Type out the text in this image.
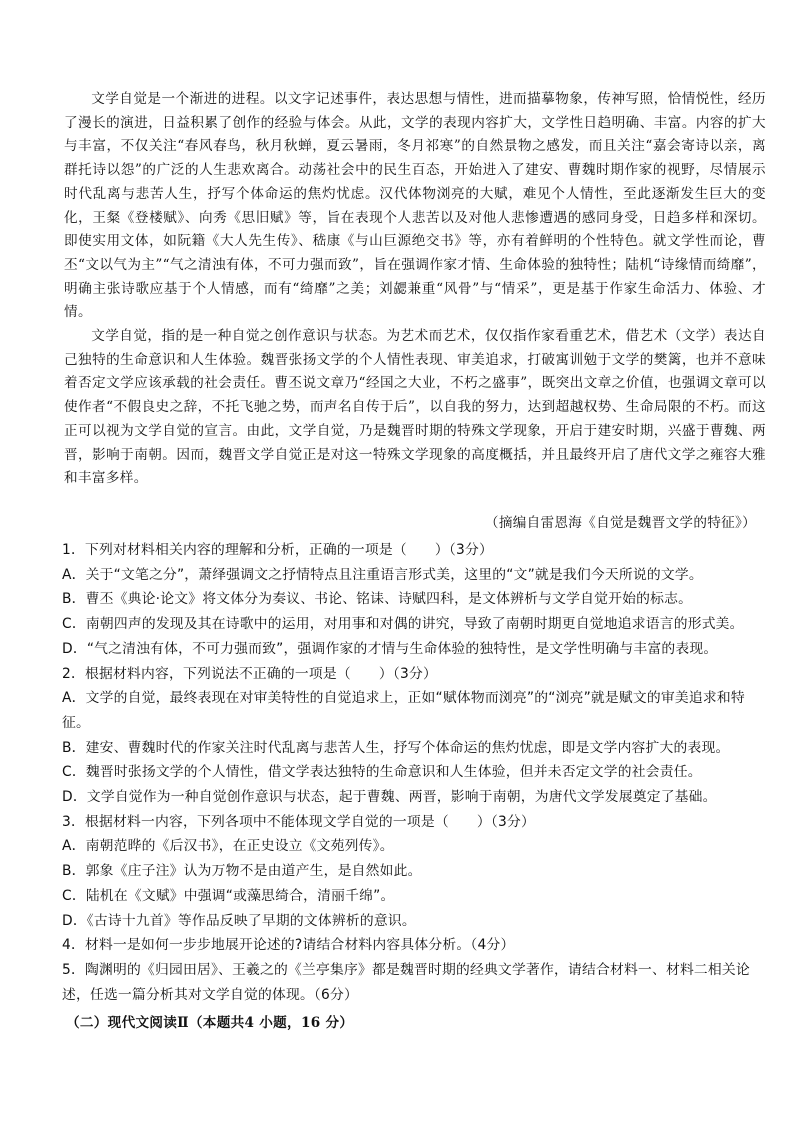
文学自觉是一个渐进的进程。以文字记述事件，表达思想与情性，进而描摹物象，传神写照，恰情悦性，经历了漫长的演进，日益积累了创作的经验与体会。从此，文学的表现内容扩大，文学性日趋明确、丰富。内容的扩大与丰富，不仅关注“春风春鸟，秋月秋蝉，夏云暑雨，冬月祁寒”的自然景物之感发，而且关注“嘉会寄诗以亲，离群托诗以怨”的广泛的人生悲欢离合。动荡社会中的民生百态，开始进入了建安、曹魏时期作家的视野，尽情展示时代乱离与悲苦人生，抒写个体命运的焦灼忧虑。汉代体物浏亮的大赋，难见个人情性，至此逐渐发生巨大的变化，王粲《登楼赋》、向秀《思旧赋》等，旨在表现个人悲苦以及对他人悲惨遭遇的感同身受，日趋多样和深切。即使实用文体，如阮籍《大人先生传》、嵇康《与山巨源绝交书》等，亦有着鲜明的个性特色。就文学性而论，曹丕“文以气为主”“气之清浊有体，不可力强而致”，旨在强调作家才情、生命体验的独特性；陆机“诗缘情而绮靡”，明确主张诗歌应基于个人情感，而有“绮靡”之美；刘勰兼重“风骨”与“情采”，更是基于作家生命活力、体验、才情。

文学自觉，指的是一种自觉之创作意识与状态。为艺术而艺术，仅仅指作家看重艺术，借艺术（文学）表达自己独特的生命意识和人生体验。魏晋张扬文学的个人情性表现、审美追求，打破寓训勉于文学的樊篱，也并不意味着否定文学应该承载的社会责任。曹丕说文章乃“经国之大业，不朽之盛事”，既突出文章之价值，也强调文章可以使作者“不假良史之辞，不托飞驰之势，而声名自传于后”，以自我的努力，达到超越权势、生命局限的不朽。而这正可以视为文学自觉的宣言。由此，文学自觉，乃是魏晋时期的特殊文学现象，开启于建安时期，兴盛于曹魏、两晋，影响于南朝。因而，魏晋文学自觉正是对这一特殊文学现象的高度概括，并且最终开启了唐代文学之雍容大雅和丰富多样。

（摘编自雷恩海《自觉是魏晋文学的特征》）
1．下列对材料相关内容的理解和分析，正确的一项是（　　）（3分）
A．关于“文笔之分”，萧绎强调文之抒情特点且注重语言形式美，这里的“文”就是我们今天所说的文学。
B．曹丕《典论·论文》将文体分为奏议、书论、铭诔、诗赋四科，是文体辨析与文学自觉开始的标志。
C．南朝四声的发现及其在诗歌中的运用，对用事和对偶的讲究，导致了南朝时期更自觉地追求语言的形式美。
D．“气之清浊有体，不可力强而致”，强调作家的才情与生命体验的独特性，是文学性明确与丰富的表现。
2．根据材料内容，下列说法不正确的一项是（　　）（3分）
A．文学的自觉，最终表现在对审美特性的自觉追求上，正如“赋体物而浏亮”的“浏亮”就是赋文的审美追求和特征。
B．建安、曹魏时代的作家关注时代乱离与悲苦人生，抒写个体命运的焦灼忧虑，即是文学内容扩大的表现。
C．魏晋时张扬文学的个人情性，借文学表达独特的生命意识和人生体验，但并未否定文学的社会责任。
D．文学自觉作为一种自觉创作意识与状态，起于曹魏、两晋，影响于南朝，为唐代文学发展奠定了基础。
3．根据材料一内容，下列各项中不能体现文学自觉的一项是（　　）（3分）
A．南朝范晔的《后汉书》，在正史设立《文苑列传》。
B．郭象《庄子注》认为万物不是由道产生，是自然如此。
C．陆机在《文赋》中强调“或藻思绮合，清丽千绵”。
D．《古诗十九首》等作品反映了早期的文体辨析的意识。
4．材料一是如何一步步地展开论述的?请结合材料内容具体分析。（4分）
5．陶渊明的《归园田居》、王羲之的《兰亭集序》都是魏晋时期的经典文学著作，请结合材料一、材料二相关论述，任选一篇分析其对文学自觉的体现。（6分）
（二）现代文阅读Ⅱ（本题共4 小题，16 分）
